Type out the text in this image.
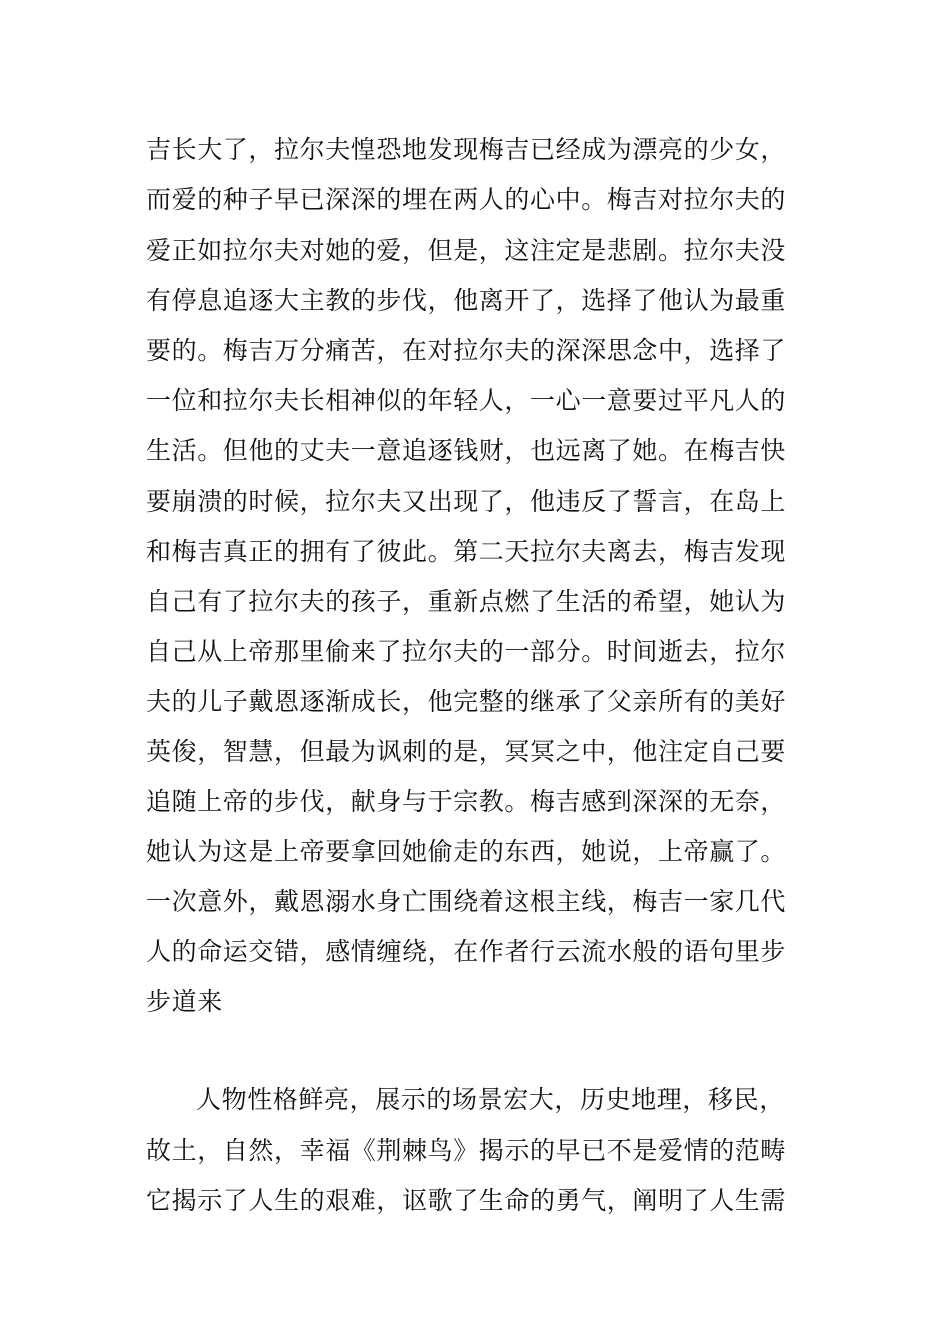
吉长大了，拉尔夫惶恐地发现梅吉已经成为漂亮的少女，
而爱的种子早已深深的埋在两人的心中。梅吉对拉尔夫的
爱正如拉尔夫对她的爱，但是，这注定是悲剧。拉尔夫没
有停息追逐大主教的步伐，他离开了，选择了他认为最重
要的。梅吉万分痛苦，在对拉尔夫的深深思念中，选择了
一位和拉尔夫长相神似的年轻人，一心一意要过平凡人的
生活。但他的丈夫一意追逐钱财，也远离了她。在梅吉快
要崩溃的时候，拉尔夫又出现了，他违反了誓言，在岛上
和梅吉真正的拥有了彼此。第二天拉尔夫离去，梅吉发现
自己有了拉尔夫的孩子，重新点燃了生活的希望，她认为
自己从上帝那里偷来了拉尔夫的一部分。时间逝去，拉尔
夫的儿子戴恩逐渐成长，他完整的继承了父亲所有的美好
英俊，智慧，但最为讽刺的是，冥冥之中，他注定自己要
追随上帝的步伐，献身与于宗教。梅吉感到深深的无奈，
她认为这是上帝要拿回她偷走的东西，她说，上帝赢了。
一次意外，戴恩溺水身亡围绕着这根主线，梅吉一家几代
人的命运交错，感情缠绕，在作者行云流水般的语句里步
步道来
人物性格鲜亮，展示的场景宏大，历史地理，移民，
故土，自然，幸福《荆棘鸟》揭示的早已不是爱情的范畴
它揭示了人生的艰难，讴歌了生命的勇气，阐明了人生需
